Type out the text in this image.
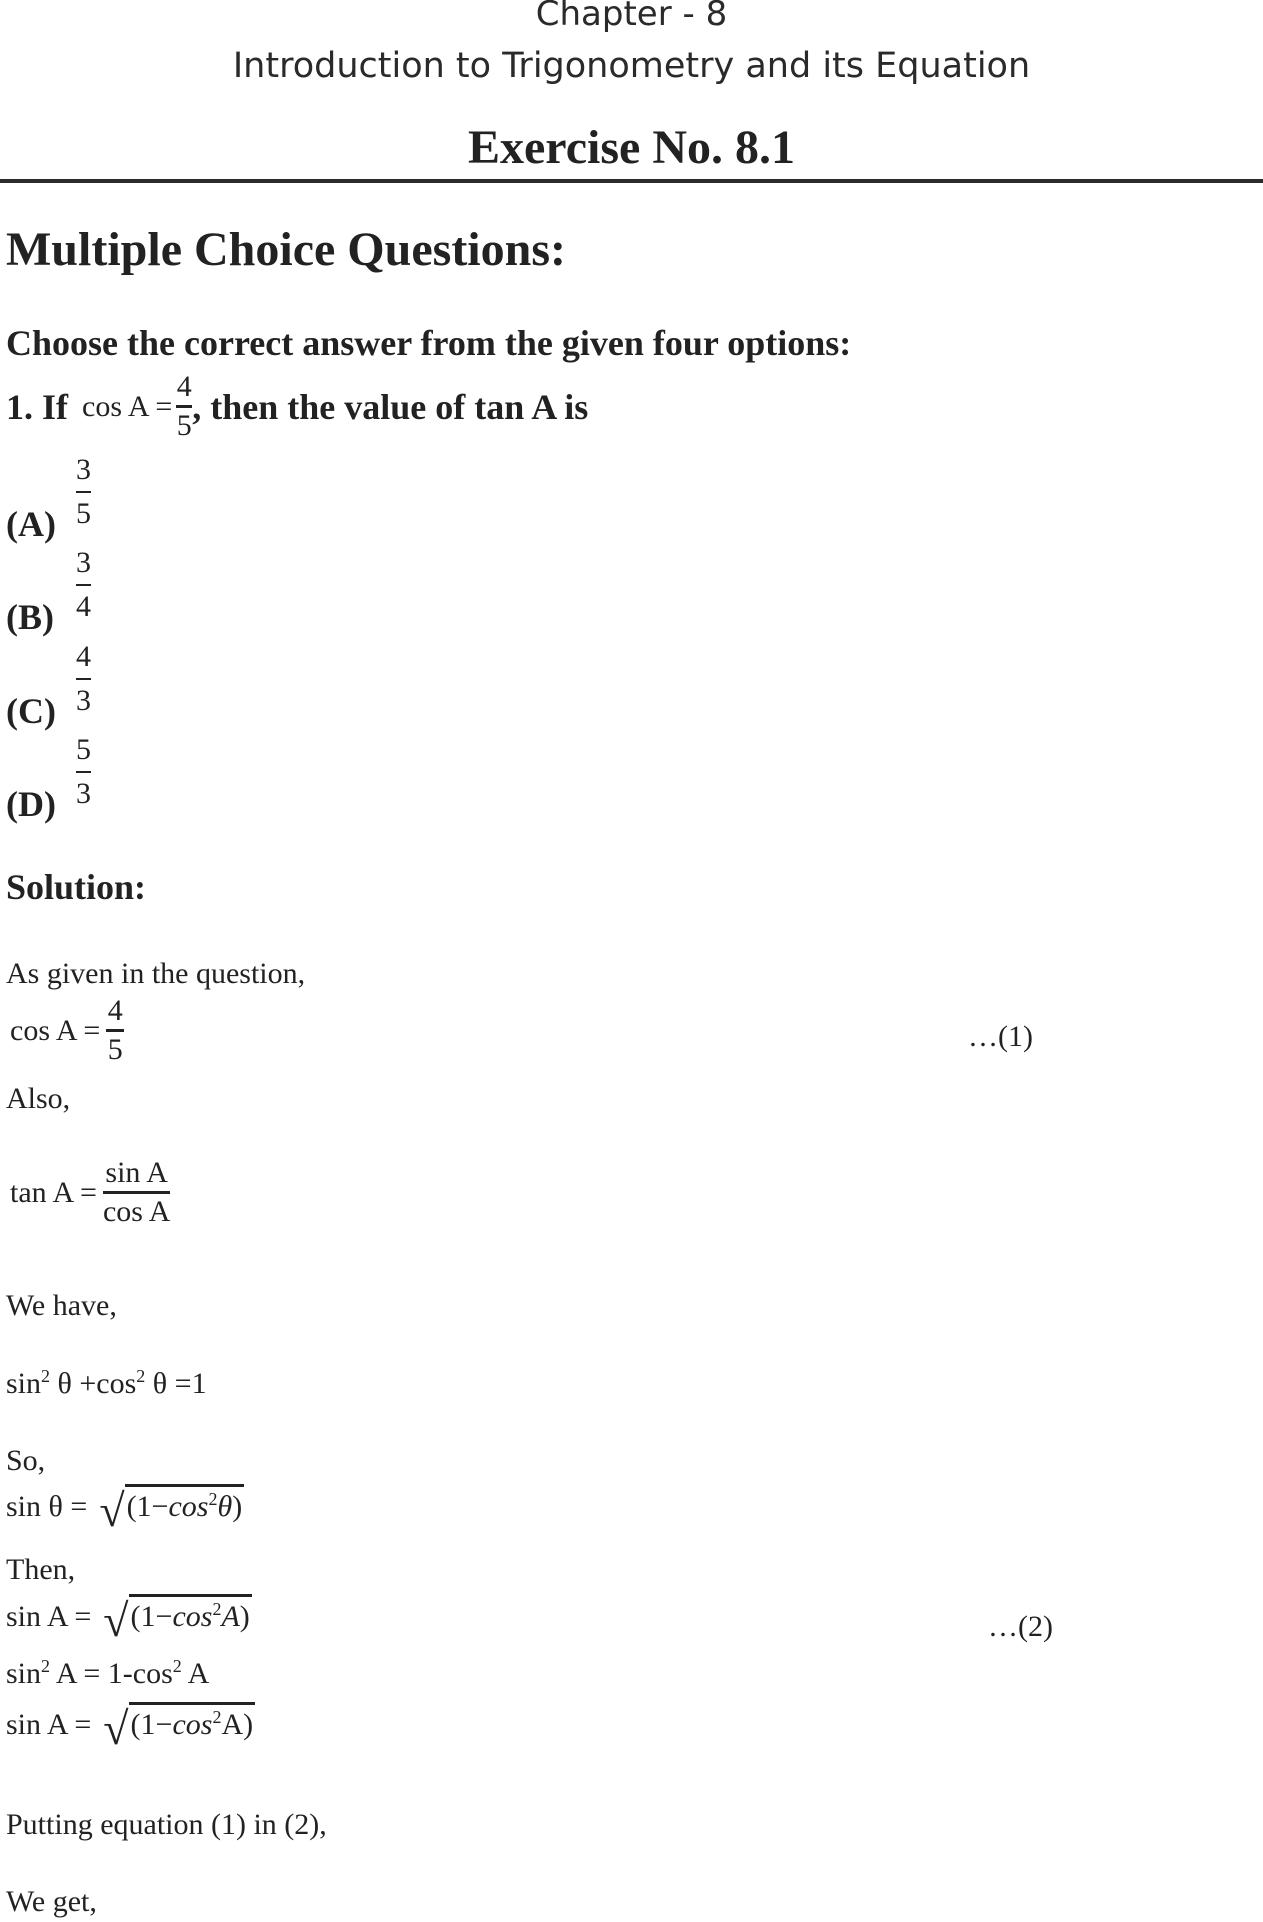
Chapter - 8
Introduction to Trigonometry and its Equation
Exercise No. 8.1
Multiple Choice Questions:
Choose the correct answer from the given four options:
1. If $\cos A = \frac{4}{5}$ , then the value of tan A is
$(A) \frac{3}{5}$
$(B) \frac{3}{4}$
$(C) \frac{4}{3}$
$(D) \frac{5}{3}$
Solution:
As given in the question,
$\cos A = \frac{4}{5}$	…(1)
Also,
$\tan A = \frac{\text{sin A}}{\text{cos A}}$
We have,
$\sin^2 \theta +\cos^2$ θ =1
So,
sin θ = √ $(1-\cos^2\theta)$
Then,
sin A = √ $(1-\cos^2A)$	…(2)
$\sin^2 A = 1-\cos^2$ A
sin A = √ $(1-\cos^2A)$
Putting equation (1) in (2),
We get,
